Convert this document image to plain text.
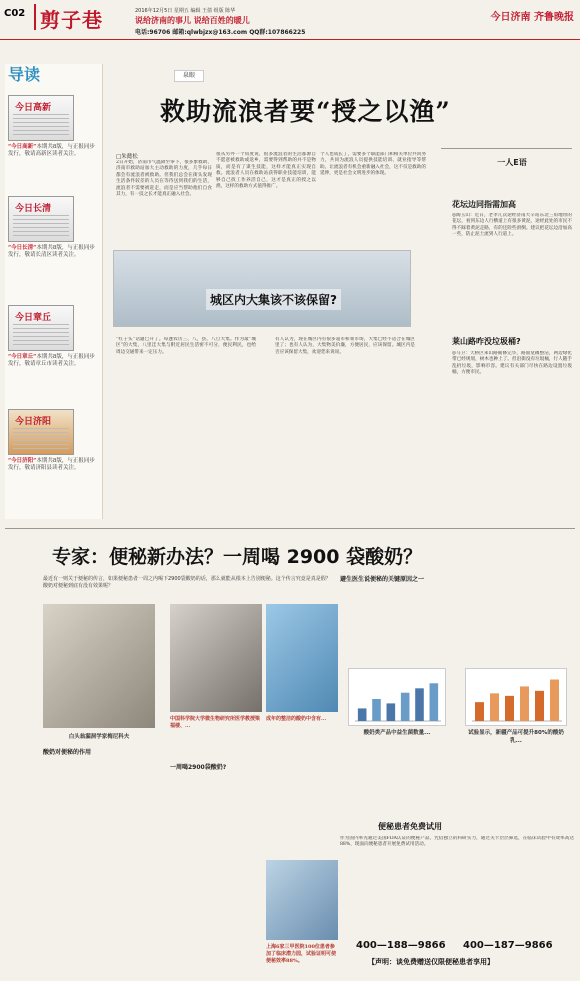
C02 剪子巷	2016年12月5日 星期五 编辑 王倩 组版 陈华
说给济南的事儿 说给百姓的暖儿
电话:96706 邮箱:qlwbjzx@163.com QQ群:107866225
今日济南 齐鲁晚报
导读
今日高新
“今日高新”本期共8版，与正报同步发行，敬请高新区读者关注。
今日长清
“今日长清”本期共8版，与正报同步发行，敬请长清区读者关注。
今日章丘
“今日章丘”本期共8版，与正报同步发行，敬请章丘市读者关注。
今日济阳
“今日济阳”本期共8版，与正报同步发行，敬请济阳县读者关注。
泉眼
救助流浪者要“授之以渔”
□朱懿松
2日开始，济南市气温降至零下，很多象救助、济南市救助站加大主动救助的力度，几乎每日都会有流浪者被救助。但我们总会在街头发现生活条件较差的人员在等待送到我们的生活，流浪者不需要被赶走，而是应当帮助他们自食其力，有一技之长才能真正融入社会。
很从另外一个角度说，很多流浪者的生活都源自不愿意被救助或返乡，需要得到帮助的并不是物质，而是有了谋生技能，这样才能真正实现自救。流浪者人员在救助站获得职业技能培训，能够自己找工作养活自己，这才是真正的授之以渔，这样的救助方式值得推广。
个人也成长了，需要多个职能部门和相关单位共同努力，共同为流浪人员提供技能培训、就业指导等帮助。让流浪者有机会重新融入社会，这不仅是救助的延伸，更是社会文明进步的体现。
城区内大集该不该保留?
“红子头”话题已开了。每逢农历三、八，县、八旦大集。作为最“城区”的大集，八里洼大集与附近居民生活密不可分，便民利民，也给周边交通带来一定压力。
有人认为，现在城区内有很多超市和菜市场，大集已经不适合在城区里了；也有人认为，大集物美价廉，方便居民，应该保留。城区内是否应该保留大集，欢迎您来说说。
一人E语
花坛边同指需加高
◎陶玉山：近日，老孝几次途经济南大辛站东北三角地带的花坛，看到东边人行横道上有很多黄泥，途经此处的市民不得不踩着黄泥走路，有的还险些滑倒。建议把花坛边沿加高一些，防止泥土流到人行道上。
莱山路咋没垃圾桶?
◎马卫：天桥区莱山路铺修完毕，路面宽敞整洁，两边绿化带已经规划，树木也种上了。但沿街没有垃圾桶，行人随手乱扔垃圾，影响市容。建议有关部门尽快在路边设置垃圾桶，方便市民。
专家：便秘新办法？一周喝 2900 袋酸奶？
最近有一则关于便秘的传言，如果便秘患者一周之内喝下2900袋酸奶的话，那么就能从根本上告别便秘。这个传言究竟是真是假？酸奶对便秘到底有没有效果呢？
白头翁漏洞学家梅尼科夫
中国科学院大学微生物研究所医学教授梁福楼、...
成年的整洁的酸奶中含有...
一周喝2900袋酸奶?
酸奶对便秘的作用
上海6家三甲医院100位患者参加了临床潜力园，试验证明可使便秘效率88%。
避生医生说便秘的关键原因之一
酸奶类产品中益生菌数量...	试验显示，新疆产品可提升80%的酸奶乳...
便秘患者免费试用
作为国内率先通过美国FDA认证的便秘产品，凭借独立的科研实力，通过关卡层层筛选，在临床试验中有效率高达88%，现面向便秘患者开展免费试用活动。
400—188—9866 400—187—9866
【声明：谈免费赠送仅限便秘患者享用】
